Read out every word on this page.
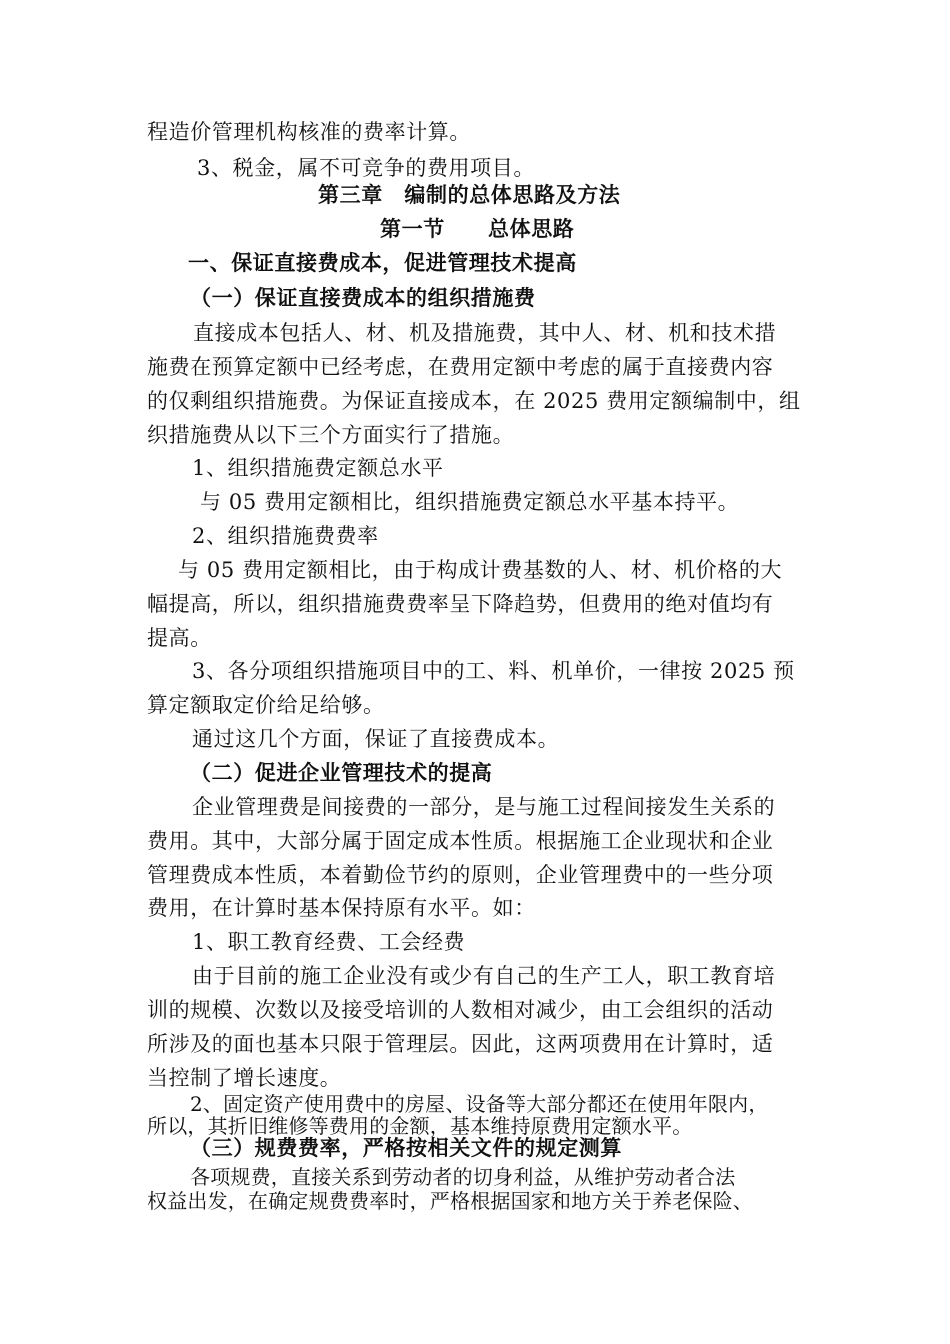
程造价管理机构核准的费率计算。
3、税金，属不可竞争的费用项目。
第三章　编制的总体思路及方法
第一节　　总体思路
一、保证直接费成本，促进管理技术提高
（一）保证直接费成本的组织措施费
直接成本包括人、材、机及措施费，其中人、材、机和技术措
施费在预算定额中已经考虑，在费用定额中考虑的属于直接费内容
的仅剩组织措施费。为保证直接成本，在 2025 费用定额编制中，组
织措施费从以下三个方面实行了措施。
1、组织措施费定额总水平
与 05 费用定额相比，组织措施费定额总水平基本持平。
2、组织措施费费率
与 05 费用定额相比，由于构成计费基数的人、材、机价格的大
幅提高，所以，组织措施费费率呈下降趋势，但费用的绝对值均有
提高。
3、各分项组织措施项目中的工、料、机单价，一律按 2025 预
算定额取定价给足给够。
通过这几个方面，保证了直接费成本。
（二）促进企业管理技术的提高
企业管理费是间接费的一部分，是与施工过程间接发生关系的
费用。其中，大部分属于固定成本性质。根据施工企业现状和企业
管理费成本性质，本着勤俭节约的原则，企业管理费中的一些分项
费用，在计算时基本保持原有水平。如：
1、职工教育经费、工会经费
由于目前的施工企业没有或少有自己的生产工人，职工教育培
训的规模、次数以及接受培训的人数相对减少，由工会组织的活动
所涉及的面也基本只限于管理层。因此，这两项费用在计算时，适
当控制了增长速度。
2、固定资产使用费中的房屋、设备等大部分都还在使用年限内，
所以，其折旧维修等费用的金额，基本维持原费用定额水平。
（三）规费费率，严格按相关文件的规定测算
各项规费，直接关系到劳动者的切身利益，从维护劳动者合法
权益出发，在确定规费费率时，严格根据国家和地方关于养老保险、
